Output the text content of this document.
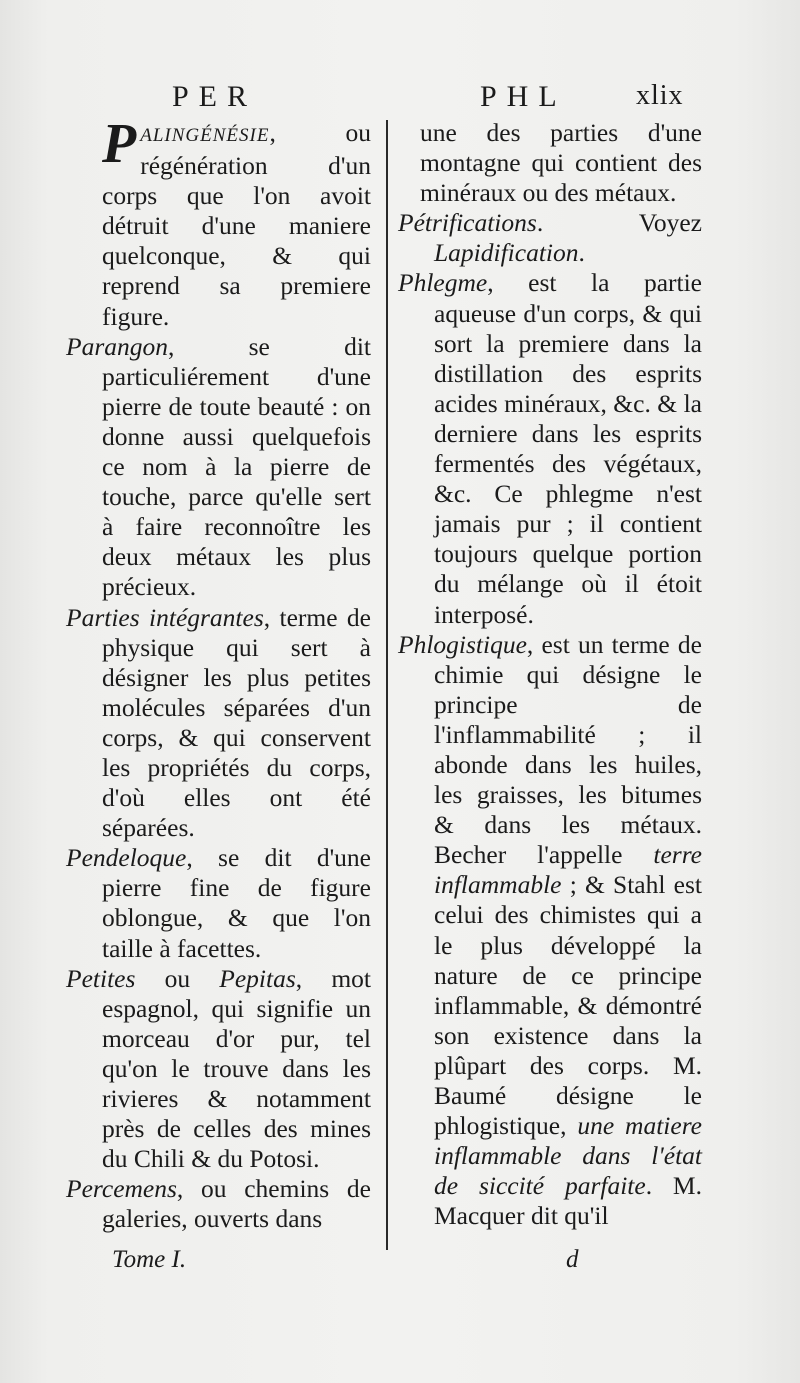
PER	PHL xlix

PALINGÉNÉSIE, ou régénération d'un corps que l'on avoit détruit d'une maniere quelconque, & qui reprend sa premiere figure.

Parangon, se dit particuliérement d'une pierre de toute beauté : on donne aussi quelquefois ce nom à la pierre de touche, parce qu'elle sert à faire reconnoître les deux métaux les plus précieux.

Parties intégrantes, terme de physique qui sert à désigner les plus petites molécules séparées d'un corps, & qui conservent les propriétés du corps, d'où elles ont été séparées.

Pendeloque, se dit d'une pierre fine de figure oblongue, & que l'on taille à facettes.

Petites ou Pepitas, mot espagnol, qui signifie un morceau d'or pur, tel qu'on le trouve dans les rivieres & notamment près de celles des mines du Chili & du Potosi.

Percemens, ou chemins de galeries, ouverts dans

une des parties d'une montagne qui contient des minéraux ou des métaux.

Pétrifications. Voyez Lapidification.

Phlegme, est la partie aqueuse d'un corps, & qui sort la premiere dans la distillation des esprits acides minéraux, &c. & la derniere dans les esprits fermentés des végétaux, &c. Ce phlegme n'est jamais pur ; il contient toujours quelque portion du mélange où il étoit interposé.

Phlogistique, est un terme de chimie qui désigne le principe de l'inflammabilité ; il abonde dans les huiles, les graisses, les bitumes & dans les métaux. Becher l'appelle terre inflammable ; & Stahl est celui des chimistes qui a le plus développé la nature de ce principe inflammable, & démontré son existence dans la plûpart des corps. M. Baumé désigne le phlogistique, une matiere inflammable dans l'état de siccité parfaite. M. Macquer dit qu'il

Tome I.	d
